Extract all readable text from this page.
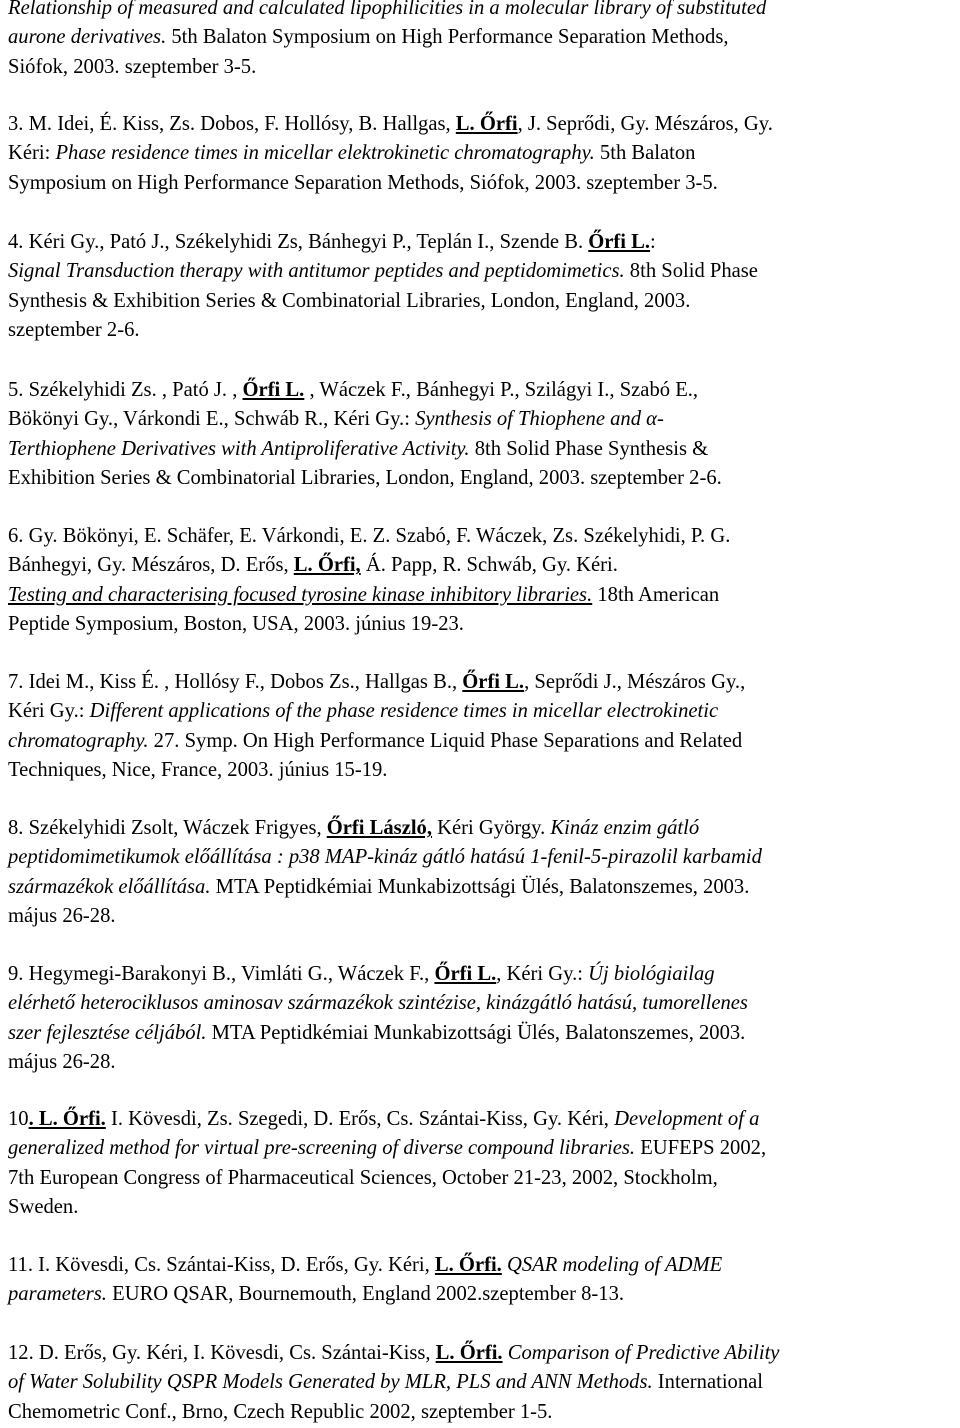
Relationship of measured and calculated lipophilicities in a molecular library of substituted
aurone derivatives. 5th Balaton Symposium on High Performance Separation Methods,
Siófok, 2003. szeptember 3-5.
3. M. Idei, É. Kiss, Zs. Dobos, F. Hollósy, B. Hallgas, L. Őrfi, J. Seprődi, Gy. Mészáros, Gy.
Kéri: Phase residence times in micellar elektrokinetic chromatography. 5th Balaton
Symposium on High Performance Separation Methods, Siófok, 2003. szeptember 3-5.
4. Kéri Gy., Pató J., Székelyhidi Zs, Bánhegyi P., Teplán I., Szende B. Őrfi L.:
Signal Transduction therapy with antitumor peptides and peptidomimetics. 8th Solid Phase
Synthesis & Exhibition Series & Combinatorial Libraries, London, England, 2003.
szeptember 2-6.
5. Székelyhidi Zs. , Pató J. , Őrfi L. , Wáczek F., Bánhegyi P., Szilágyi I., Szabó E.,
Bökönyi Gy., Várkondi E., Schwáb R., Kéri Gy.: Synthesis of Thiophene and α-
Terthiophene Derivatives with Antiproliferative Activity. 8th Solid Phase Synthesis &
Exhibition Series & Combinatorial Libraries, London, England, 2003. szeptember 2-6.
6. Gy. Bökönyi, E. Schäfer, E. Várkondi, E. Z. Szabó, F. Wáczek, Zs. Székelyhidi, P. G.
Bánhegyi, Gy. Mészáros, D. Erős, L. Őrfi, Á. Papp, R. Schwáb, Gy. Kéri.
Testing and characterising focused tyrosine kinase inhibitory libraries. 18th American
Peptide Symposium, Boston, USA, 2003. június 19-23.
7. Idei M., Kiss É. , Hollósy F., Dobos Zs., Hallgas B., Őrfi L., Seprődi J., Mészáros Gy.,
Kéri Gy.: Different applications of the phase residence times in micellar electrokinetic
chromatography. 27. Symp. On High Performance Liquid Phase Separations and Related
Techniques, Nice, France, 2003. június 15-19.
8. Székelyhidi Zsolt, Wáczek Frigyes, Őrfi László, Kéri György. Kináz enzim gátló
peptidomimetikumok előállítása : p38 MAP-kináz gátló hatású 1-fenil-5-pirazolil karbamid
származékok előállítása. MTA Peptidkémiai Munkabizottsági Ülés, Balatonszemes, 2003.
május 26-28.
9. Hegymegi-Barakonyi B., Vimláti G., Wáczek F., Őrfi L., Kéri Gy.: Új biológiailag
elérhető heterociklusos aminosav származékok szintézise, kinázgátló hatású, tumorellenes
szer fejlesztése céljából. MTA Peptidkémiai Munkabizottsági Ülés, Balatonszemes, 2003.
május 26-28.
10. L. Őrfi. I. Kövesdi, Zs. Szegedi, D. Erős, Cs. Szántai-Kiss, Gy. Kéri, Development of a
generalized method for virtual pre-screening of diverse compound libraries. EUFEPS 2002,
7th European Congress of Pharmaceutical Sciences, October 21-23, 2002, Stockholm,
Sweden.
11. I. Kövesdi, Cs. Szántai-Kiss, D. Erős, Gy. Kéri, L. Őrfi. QSAR modeling of ADME
parameters. EURO QSAR, Bournemouth, England 2002.szeptember 8-13.
12. D. Erős, Gy. Kéri, I. Kövesdi, Cs. Szántai-Kiss, L. Őrfi. Comparison of Predictive Ability
of Water Solubility QSPR Models Generated by MLR, PLS and ANN Methods. International
Chemometric Conf., Brno, Czech Republic 2002, szeptember 1-5.
